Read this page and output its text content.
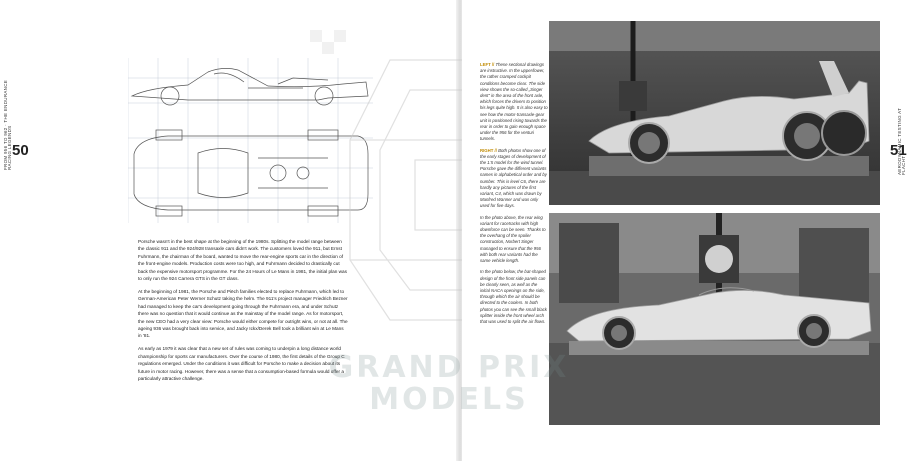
FROM 956 TO 962 · THE ENDURANCE RACING LEGENDS 50

Porsche wasn't in the best shape at the beginning of the 1980s. Splitting the model range between the classic 911 and the 924/928 transaxle cars didn't work. The customers loved the 911, but Ernst Fuhrmann, the chairman of the board, wanted to move the rear-engine sports car in the direction of the front-engine models. Production costs were too high, and Fuhrmann decided to drastically cut back the expensive motorsport programme. For the 24 Hours of Le Mans in 1981, the initial plan was to only run the 924 Carrera GTS in the GT class.

At the beginning of 1981, the Porsche and Piëch families elected to replace Fuhrmann, which led to German-American Peter Werner Schutz taking the helm. The 911's project manager Friedrich Bezner had managed to keep the car's development going through the Fuhrmann era, and under Schutz there was no question that it would continue as the mainstay of the model range. As for motorsport, the new CEO had a very clear view: Porsche would either compete for outright wins, or not at all. The ageing 936 was brought back into service, and Jacky Ickx/Derek Bell took a brilliant win at Le Mans in '81.

As early as 1979 it was clear that a new set of rules was coming to underpin a long distance world championship for sports car manufacturers. Over the course of 1980, the first details of the Group C regulations emerged. Under the conditions it was difficult for Porsche to make a decision about its future in motor racing. However, there was a sense that a consumption-based formula would offer a particularly attractive challenge.

LEFT // These sectional drawings are instructive. In the upper/lower, the rather cramped cockpit conditions become clear. The side view shows the so-called „Singer dent" in the area of the front axle, which forces the drivers to position his legs quite high. It is also easy to see how the motor-transaxle-gear unit is positioned rising towards the rear in order to gain enough space under the 956 for the venturi tunnels.

RIGHT // Both photos show one of the early stages of development of the 1:5 model for the wind tunnel. Porsche gave the different variants names in alphabetical order and by number. This is level C6, there are hardly any pictures of the first variant, C4, which was drawn by Manfred Wanner and was only used for five days.

In the photo above, the rear wing variant for racetracks with high downforce can be seen. Thanks to the overhang of the spoiler construction, Norbert Singer managed to ensure that the 956 with both rear variants had the same vehicle length.

In the photo below, the bat-shaped design of the front side panels can be clearly seen, as well as the initial NACA openings on the side, through which the air should be directed to the coolers. In both photos you can see the small black splitter inside the front wheel arch that was used to split the air flows.

AERODYNAMIC TESTING AT FLACHT
51
GRAND PRIX
MODELS
